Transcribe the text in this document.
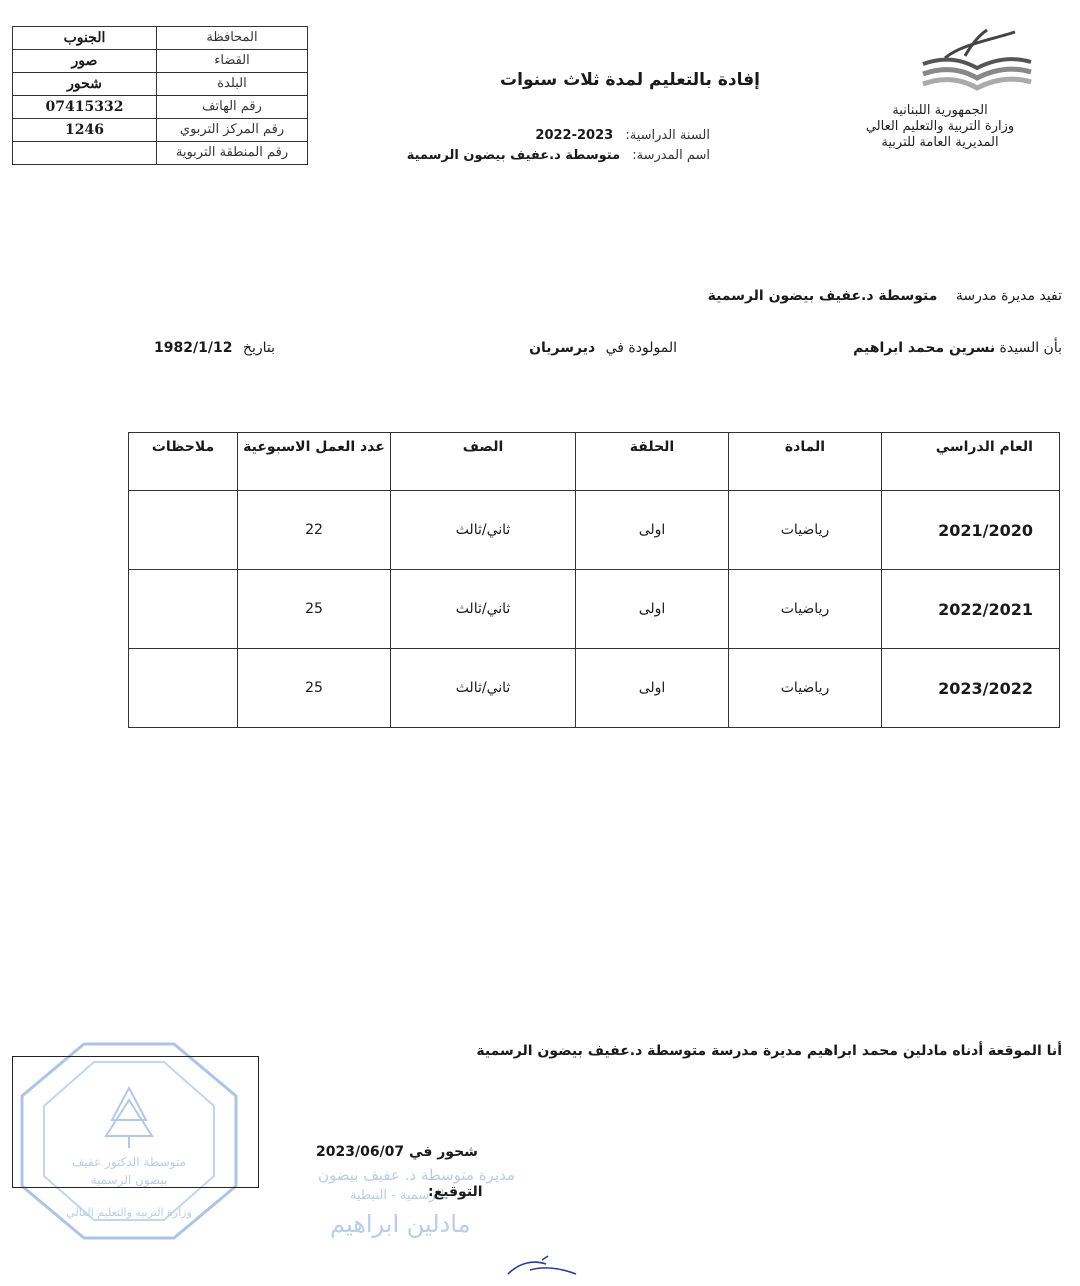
المحافظة	الجنوب
القضاء	صور
البلدة	شحور
رقم الهاتف	07415332
رقم المركز التربوي	1246
رقم المنطقة التربوية	
الجمهورية اللبنانية
وزارة التربية والتعليم العالي
المديرية العامة للتربية
إفادة بالتعليم لمدة ثلاث سنوات
السنة الدراسية: 2023-2022
اسم المدرسة: متوسطة د.عفيف بيضون الرسمية
تفيد مديرة مدرسة متوسطة د.عفيف بيضون الرسمية
بأن السيدة نسرين محمد ابراهيم
المولودة في ديرسريان
بتاريخ 1982/1/12
العام الدراسي	المادة	الحلقة	الصف	عدد العمل الاسبوعية	ملاحظات
2021/2020	رياضيات	اولى	ثاني/ثالث	22	
2022/2021	رياضيات	اولى	ثاني/ثالث	25	
2023/2022	رياضيات	اولى	ثاني/ثالث	25	
أنا الموقعة أدناه مادلين محمد ابراهيم مديرة مدرسة متوسطة د.عفيف بيضون الرسمية
متوسطة الدكتور عفيف
بيضون الرسمية
وزارة التربية والتعليم العالي
شحور في 2023/06/07
مديرة متوسطة د. عفيف بيضون
الرسمية - النبطية
التوقيع:
مادلين ابراهيم
